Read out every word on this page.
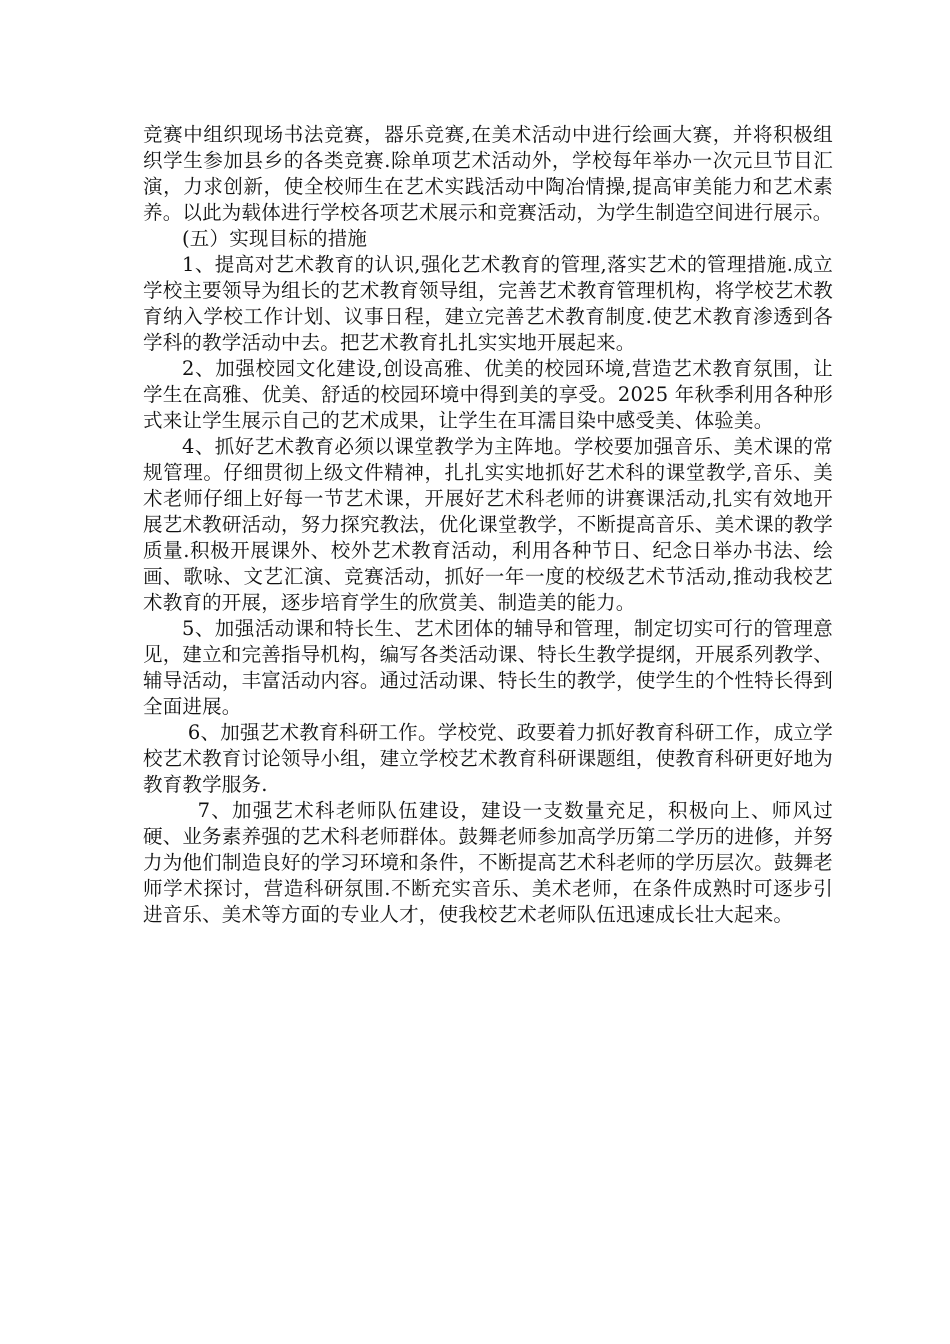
竞赛中组织现场书法竞赛，器乐竞赛,在美术活动中进行绘画大赛，并将积极组织学生参加县乡的各类竞赛.除单项艺术活动外，学校每年举办一次元旦节目汇演，力求创新，使全校师生在艺术实践活动中陶冶情操,提高审美能力和艺术素养。以此为载体进行学校各项艺术展示和竞赛活动，为学生制造空间进行展示。

(五）实现目标的措施

1、提高对艺术教育的认识,强化艺术教育的管理,落实艺术的管理措施.成立学校主要领导为组长的艺术教育领导组，完善艺术教育管理机构，将学校艺术教育纳入学校工作计划、议事日程，建立完善艺术教育制度.使艺术教育渗透到各学科的教学活动中去。把艺术教育扎扎实实地开展起来。

2、加强校园文化建设,创设高雅、优美的校园环境,营造艺术教育氛围，让学生在高雅、优美、舒适的校园环境中得到美的享受。2025 年秋季利用各种形式来让学生展示自己的艺术成果，让学生在耳濡目染中感受美、体验美。

4、抓好艺术教育必须以课堂教学为主阵地。学校要加强音乐、美术课的常规管理。仔细贯彻上级文件精神，扎扎实实地抓好艺术科的课堂教学,音乐、美术老师仔细上好每一节艺术课，开展好艺术科老师的讲赛课活动,扎实有效地开展艺术教研活动，努力探究教法，优化课堂教学，不断提高音乐、美术课的教学质量.积极开展课外、校外艺术教育活动，利用各种节日、纪念日举办书法、绘画、歌咏、文艺汇演、竞赛活动，抓好一年一度的校级艺术节活动,推动我校艺术教育的开展，逐步培育学生的欣赏美、制造美的能力。

5、加强活动课和特长生、艺术团体的辅导和管理，制定切实可行的管理意见，建立和完善指导机构，编写各类活动课、特长生教学提纲，开展系列教学、辅导活动，丰富活动内容。通过活动课、特长生的教学，使学生的个性特长得到全面进展。

6、加强艺术教育科研工作。学校党、政要着力抓好教育科研工作，成立学校艺术教育讨论领导小组，建立学校艺术教育科研课题组，使教育科研更好地为教育教学服务.

7、加强艺术科老师队伍建设，建设一支数量充足，积极向上、师风过硬、业务素养强的艺术科老师群体。鼓舞老师参加高学历第二学历的进修，并努力为他们制造良好的学习环境和条件，不断提高艺术科老师的学历层次。鼓舞老师学术探讨，营造科研氛围.不断充实音乐、美术老师，在条件成熟时可逐步引进音乐、美术等方面的专业人才，使我校艺术老师队伍迅速成长壮大起来。
